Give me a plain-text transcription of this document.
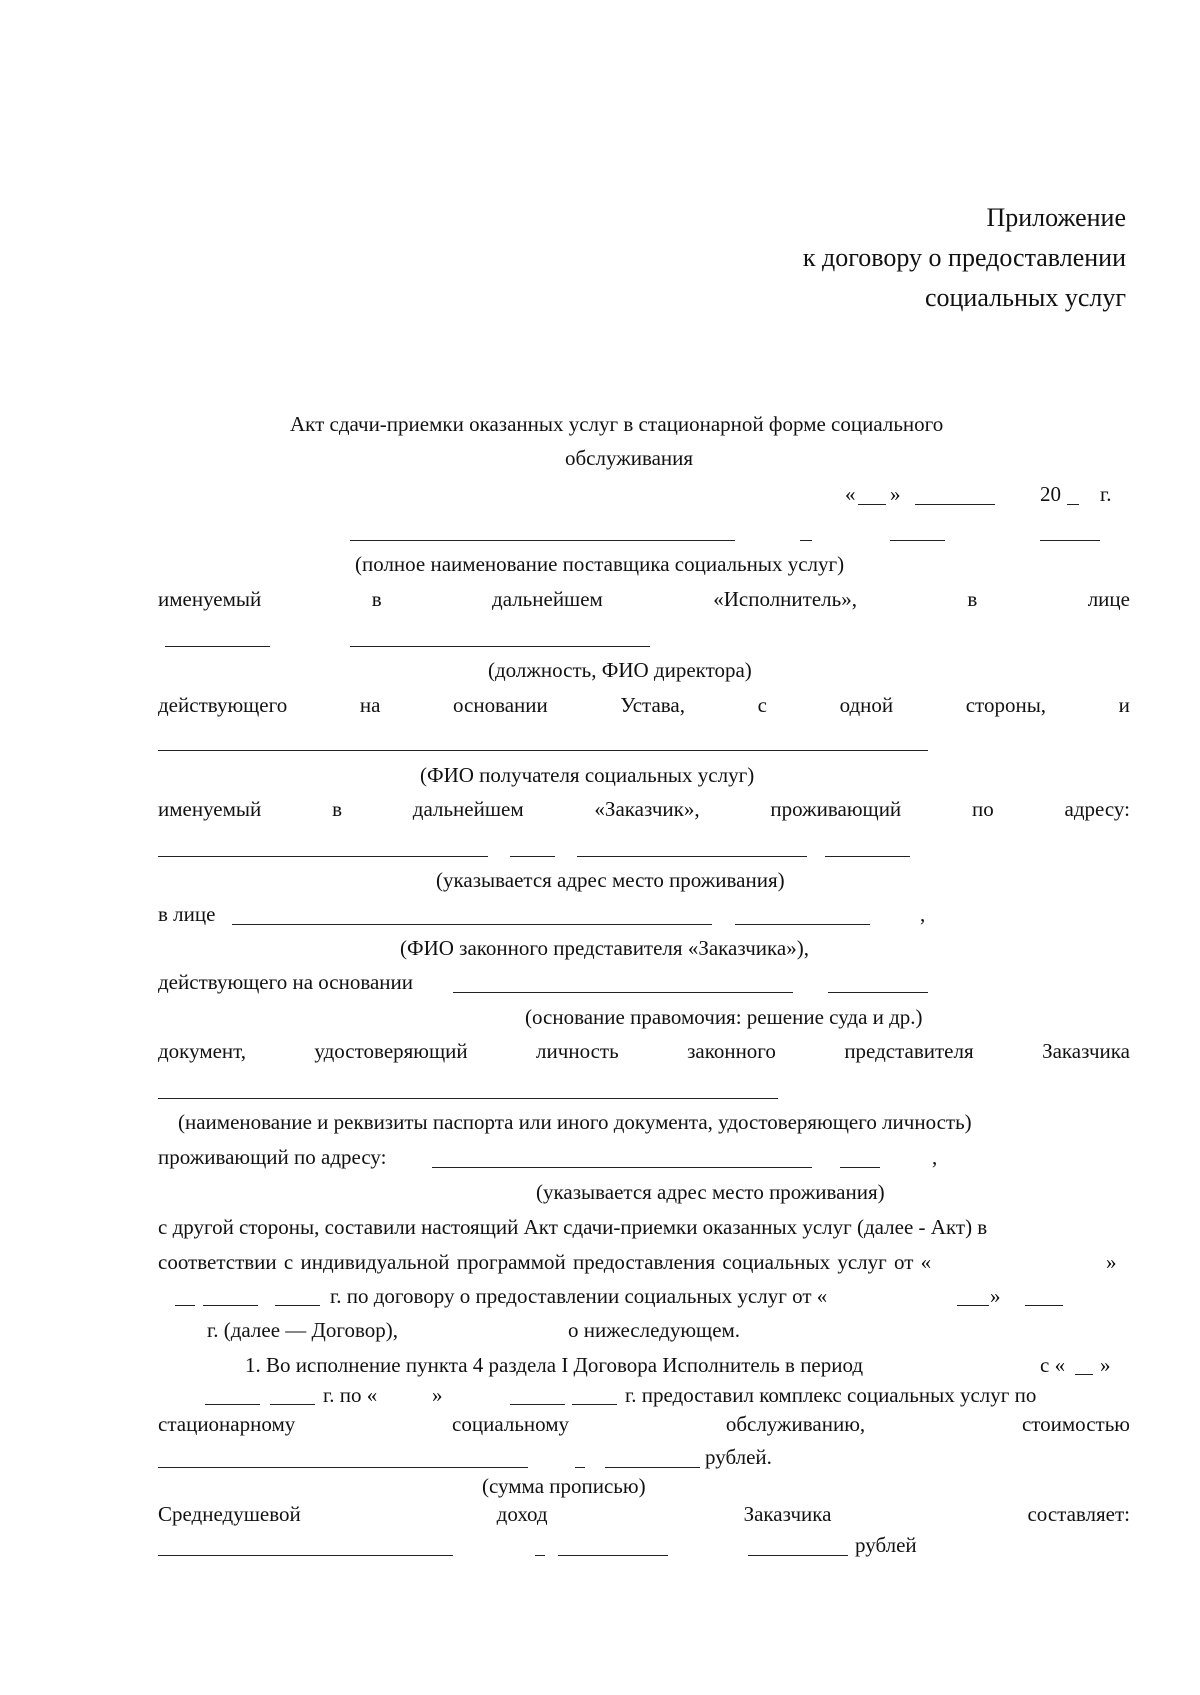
Приложение
к договору о предоставлении
социальных услуг
Акт сдачи-приемки оказанных услуг в стационарной форме социального
обслуживания
« »	20 г.
(полное наименование поставщика социальных услуг)
именуемый	в	дальнейшем	«Исполнитель»,	в	лице
(должность, ФИО директора)
действующего	на	основании	Устава,	с	одной	стороны,	и
(ФИО получателя социальных услуг)
именуемый	в	дальнейшем	«Заказчик»,	проживающий	по	адресу:
(указывается адрес место проживания)
в лице	,
(ФИО законного представителя «Заказчика»),
действующего на основании
(основание правомочия: решение суда и др.)
документ,	удостоверяющий	личность	законного	представителя	Заказчика
(наименование и реквизиты паспорта или иного документа, удостоверяющего личность)
проживающий по адресу:	,
(указывается адрес место проживания)
с другой стороны, составили настоящий Акт сдачи-приемки оказанных услуг (далее - Акт) в
соответствии с индивидуальной программой предоставления социальных услуг от «	»
г. по договору о предоставлении социальных услуг от «	»
г. (далее — Договор),	о нижеследующем.
1. Во исполнение пункта 4 раздела I Договора Исполнитель в период	с « »
г. по «	»	г. предоставил комплекс социальных услуг по
стационарному	социальному	обслуживанию,	стоимостью
рублей.
(сумма прописью)
Среднедушевой	доход	Заказчика	составляет:
рублей
